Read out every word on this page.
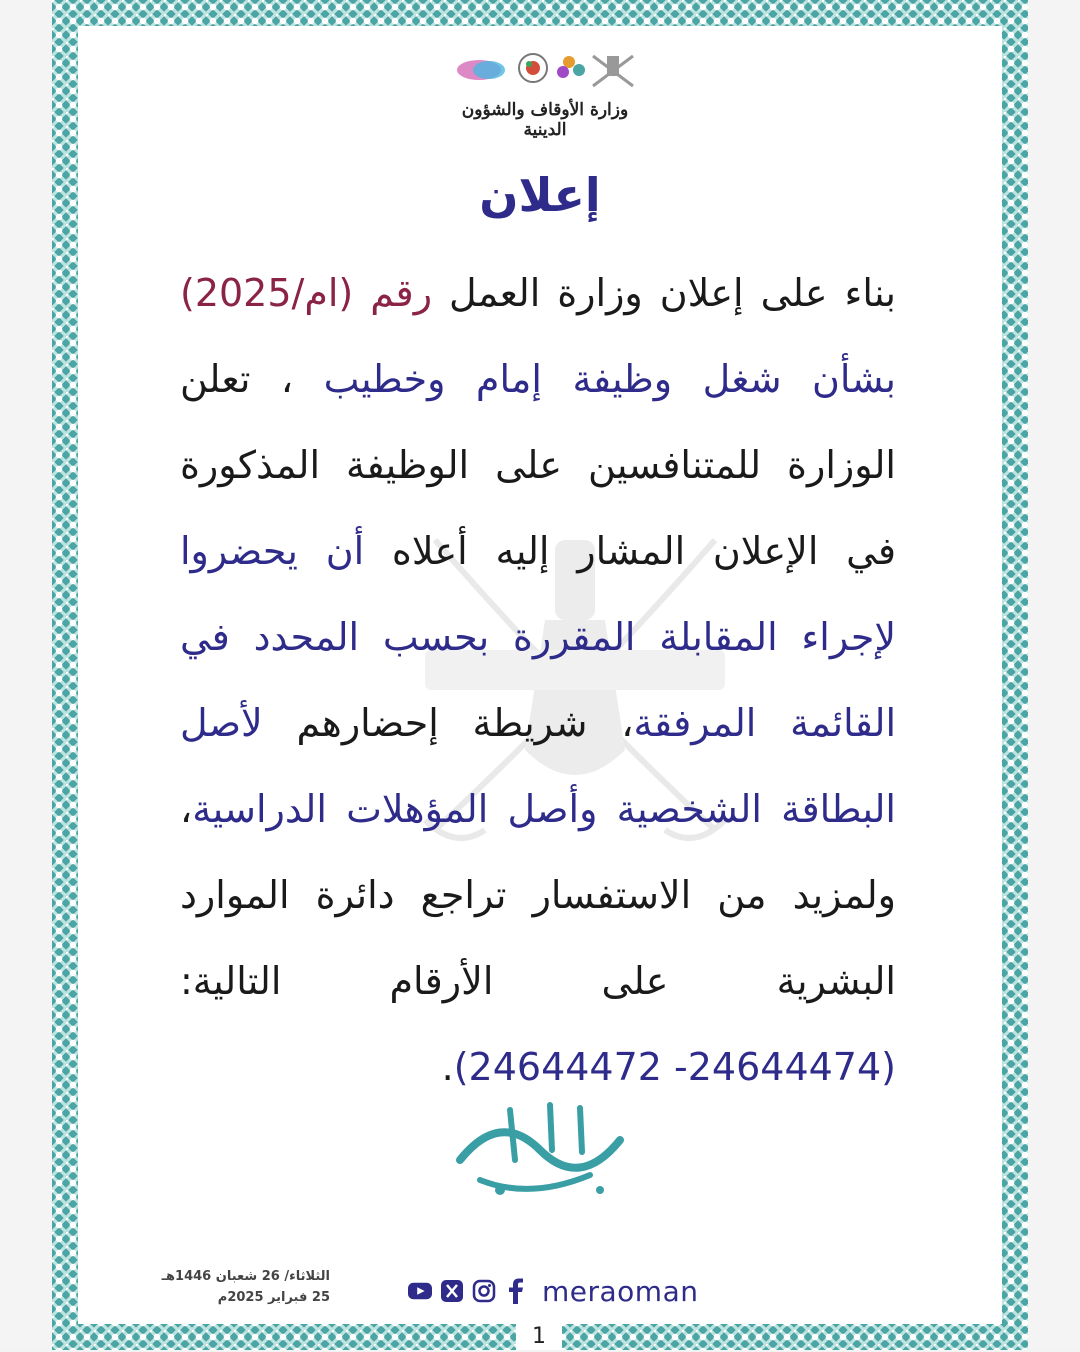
وزارة الأوقاف والشؤون الدينية
إعلان
بناء على إعلان وزارة العمل رقم (ام/2025) بشأن شغل وظيفة إمام وخطيب ، تعلن الوزارة للمتنافسين على الوظيفة المذكورة في الإعلان المشار إليه أعلاه أن يحضروا لإجراء المقابلة المقررة بحسب المحدد في القائمة المرفقة، شريطة إحضارهم لأصل البطاقة الشخصية وأصل المؤهلات الدراسية، ولمزيد من الاستفسار تراجع دائرة الموارد البشرية على الأرقام التالية: (24644472 -24644474).
الثلاثاء/ 26 شعبان 1446هـ
25 فبراير 2025م	meraoman
1
